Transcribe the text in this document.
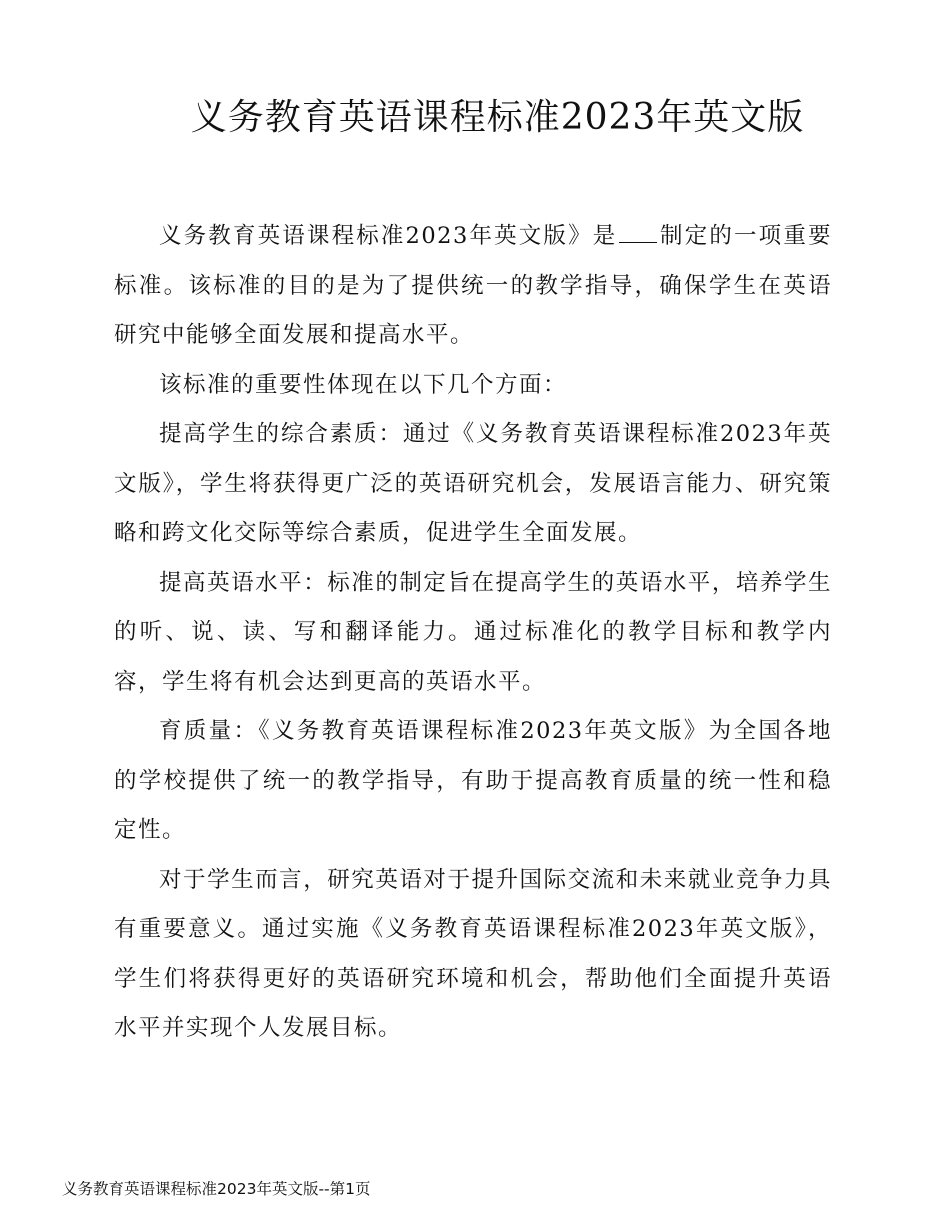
义务教育英语课程标准2023年英文版

义务教育英语课程标准2023年英文版》是 制定的一项重要标准。该标准的目的是为了提供统一的教学指导，确保学生在英语研究中能够全面发展和提高水平。

该标准的重要性体现在以下几个方面：

提高学生的综合素质：通过《义务教育英语课程标准2023年英文版》，学生将获得更广泛的英语研究机会，发展语言能力、研究策略和跨文化交际等综合素质，促进学生全面发展。

提高英语水平：标准的制定旨在提高学生的英语水平，培养学生的听、说、读、写和翻译能力。通过标准化的教学目标和教学内容，学生将有机会达到更高的英语水平。

育质量：《义务教育英语课程标准2023年英文版》为全国各地的学校提供了统一的教学指导，有助于提高教育质量的统一性和稳定性。

对于学生而言，研究英语对于提升国际交流和未来就业竞争力具有重要意义。通过实施《义务教育英语课程标准2023年英文版》，学生们将获得更好的英语研究环境和机会，帮助他们全面提升英语水平并实现个人发展目标。

义务教育英语课程标准2023年英文版--第1页
